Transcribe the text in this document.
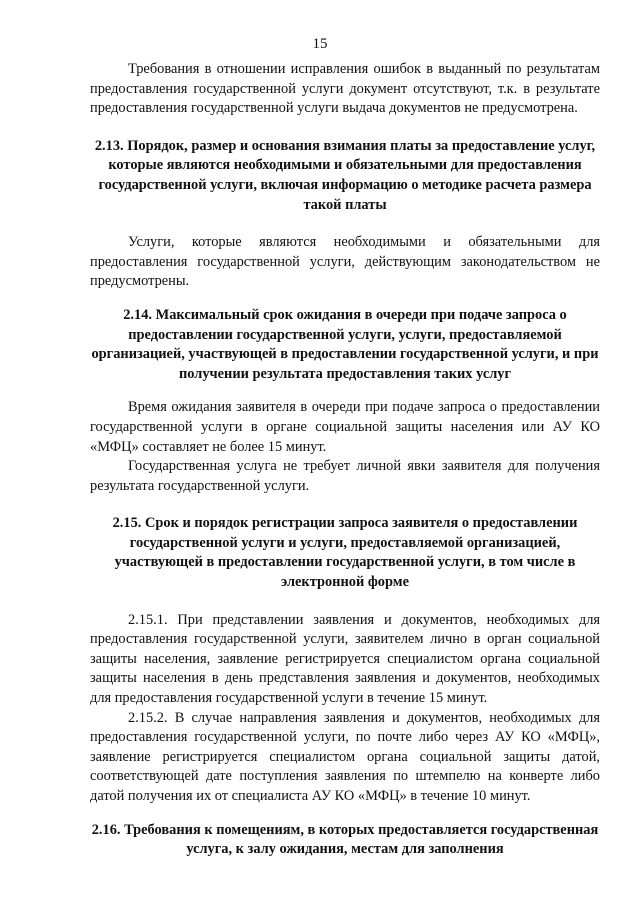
15

Требования в отношении исправления ошибок в выданный по результатам предоставления государственной услуги документ отсутствуют, т.к. в результате предоставления государственной услуги выдача документов не предусмотрена.

2.13. Порядок, размер и основания взимания платы за предоставление услуг, которые являются необходимыми и обязательными для предоставления государственной услуги, включая информацию о методике расчета размера такой платы

Услуги, которые являются необходимыми и обязательными для предоставления государственной услуги, действующим законодательством не предусмотрены.

2.14. Максимальный срок ожидания в очереди при подаче запроса о предоставлении государственной услуги, услуги, предоставляемой организацией, участвующей в предоставлении государственной услуги, и при получении результата предоставления таких услуг

Время ожидания заявителя в очереди при подаче запроса о предоставлении государственной услуги в органе социальной защиты населения или АУ КО «МФЦ» составляет не более 15 минут.

Государственная услуга не требует личной явки заявителя для получения результата государственной услуги.

2.15. Срок и порядок регистрации запроса заявителя о предоставлении государственной услуги и услуги, предоставляемой организацией, участвующей в предоставлении государственной услуги, в том числе в электронной форме

2.15.1. При представлении заявления и документов, необходимых для предоставления государственной услуги, заявителем лично в орган социальной защиты населения, заявление регистрируется специалистом органа социальной защиты населения в день представления заявления и документов, необходимых для предоставления государственной услуги в течение 15 минут.

2.15.2. В случае направления заявления и документов, необходимых для предоставления государственной услуги, по почте либо через АУ КО «МФЦ», заявление регистрируется специалистом органа социальной защиты датой, соответствующей дате поступления заявления по штемпелю на конверте либо датой получения их от специалиста АУ КО «МФЦ» в течение 10 минут.

2.16. Требования к помещениям, в которых предоставляется государственная услуга, к залу ожидания, местам для заполнения
